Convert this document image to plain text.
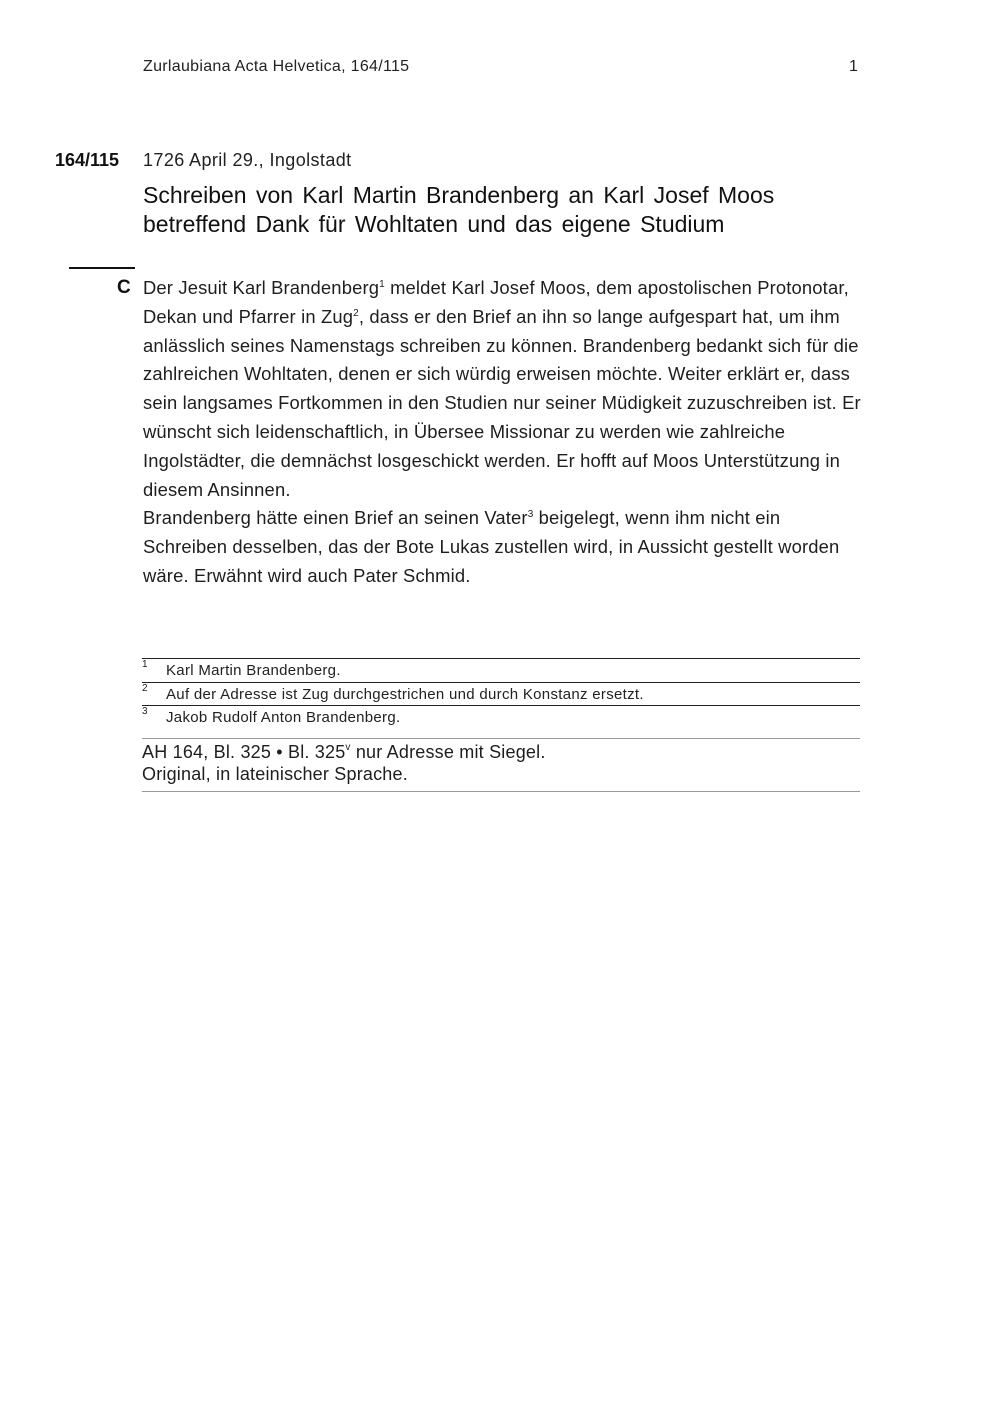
Zurlaubiana Acta Helvetica, 164/115	1
164/115 1726 April 29., Ingolstadt
Schreiben von Karl Martin Brandenberg an Karl Josef Moos
betreffend Dank für Wohltaten und das eigene Studium
C Der Jesuit Karl Brandenberg$^1$ meldet Karl Josef Moos, dem apostolischen Protonotar, Dekan und Pfarrer in Zug$^2$, dass er den Brief an ihn so lange aufgespart hat, um ihm anlässlich seines Namenstags schreiben zu können. Brandenberg bedankt sich für die zahlreichen Wohltaten, denen er sich würdig erweisen möchte. Weiter erklärt er, dass sein langsames Fortkommen in den Studien nur seiner Müdigkeit zuzuschreiben ist. Er wünscht sich leidenschaftlich, in Übersee Missionar zu werden wie zahlreiche Ingolstädter, die demnächst losgeschickt werden. Er hofft auf Moos Unterstützung in diesem Ansinnen.

Brandenberg hätte einen Brief an seinen Vater$^3$ beigelegt, wenn ihm nicht ein Schreiben desselben, das der Bote Lukas zustellen wird, in Aussicht gestellt worden wäre. Erwähnt wird auch Pater Schmid.

1 Karl Martin Brandenberg.
2 Auf der Adresse ist Zug durchgestrichen und durch Konstanz ersetzt.
3 Jakob Rudolf Anton Brandenberg.
AH 164, Bl. 325 • Bl. 325$^v$ nur Adresse mit Siegel.
Original, in lateinischer Sprache.
